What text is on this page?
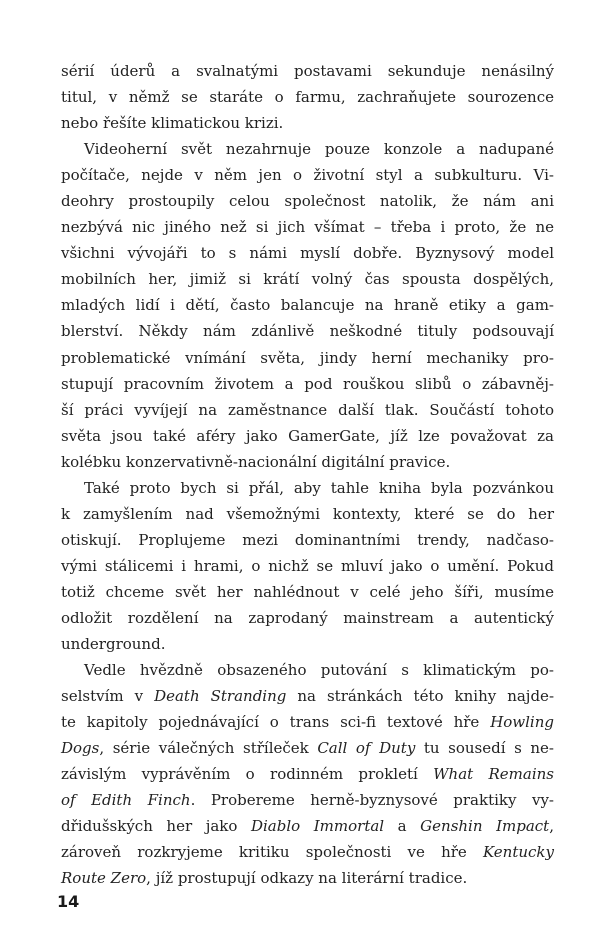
sérií úderů a svalnatými postavami sekunduje nenásilný
titul, v němž se staráte o farmu, zachraňujete sourozence
nebo řešíte klimatickou krizi.
Videoherní svět nezahrnuje pouze konzole a nadupané
počítače, nejde v něm jen o životní styl a subkulturu. Vi-
deohry prostoupily celou společnost natolik, že nám ani
nezbývá nic jiného než si jich všímat – třeba i proto, že ne
všichni vývojáři to s námi myslí dobře. Byznysový model
mobilních her, jimiž si krátí volný čas spousta dospělých,
mladých lidí i dětí, často balancuje na hraně etiky a gam-
blerství. Někdy nám zdánlivě neškodné tituly podsouvají
problematické vnímání světa, jindy herní mechaniky pro-
stupují pracovním životem a pod rouškou slibů o zábavněj-
ší práci vyvíjejí na zaměstnance další tlak. Součástí tohoto
světa jsou také aféry jako GamerGate, jíž lze považovat za
kolébku konzervativně-nacionální digitální pravice.
Také proto bych si přál, aby tahle kniha byla pozvánkou
k zamyšlením nad všemožnými kontexty, které se do her
otiskují. Proplujeme mezi dominantními trendy, nadčaso-
vými stálicemi i hrami, o nichž se mluví jako o umění. Pokud
totiž chceme svět her nahlédnout v celé jeho šíři, musíme
odložit rozdělení na zaprodaný mainstream a autentický
underground.
Vedle hvězdně obsazeného putování s klimatickým po-
selstvím v Death Stranding na stránkách této knihy najde-
te kapitoly pojednávající o trans sci-fi textové hře Howling
Dogs, série válečných stříleček Call of Duty tu sousedí s ne-
závislým vyprávěním o rodinném prokletí What Remains
of Edith Finch. Probereme herně-byznysové praktiky vy-
dřidušských her jako Diablo Immortal a Genshin Impact,
zároveň rozkryjeme kritiku společnosti ve hře Kentucky
Route Zero, jíž prostupují odkazy na literární tradice.
14
